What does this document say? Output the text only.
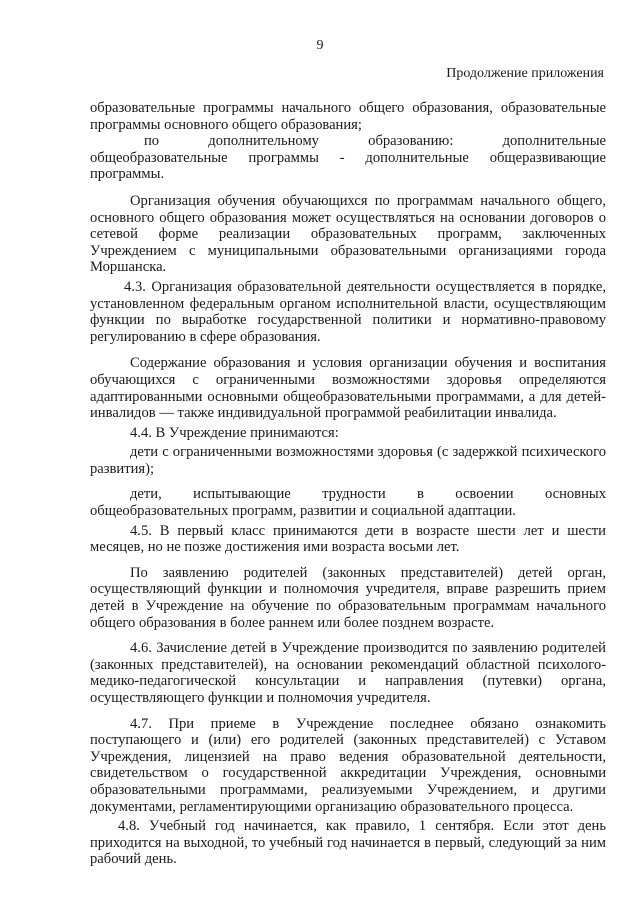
9
Продолжение приложения

образовательные программы начального общего образования, образовательные программы основного общего образования;

по дополнительному образованию: дополнительные общеобразовательные программы - дополнительные общеразвивающие программы.

Организация обучения обучающихся по программам начального общего, основного общего образования может осуществляться на основании договоров о сетевой форме реализации образовательных программ, заключенных Учреждением с муниципальными образовательными организациями города Моршанска.

4.3. Организация образовательной деятельности осуществляется в порядке, установленном федеральным органом исполнительной власти, осуществляющим функции по выработке государственной политики и нормативно-правовому регулированию в сфере образования.

Содержание образования и условия организации обучения и воспитания обучающихся с ограниченными возможностями здоровья определяются адаптированными основными общеобразовательными программами, а для детей-инвалидов — также индивидуальной программой реабилитации инвалида.

4.4. В Учреждение принимаются:

дети с ограниченными возможностями здоровья (с задержкой психического развития);

дети, испытывающие трудности в освоении основных общеобразовательных программ, развитии и социальной адаптации.

4.5. В первый класс принимаются дети в возрасте шести лет и шести месяцев, но не позже достижения ими возраста восьми лет.

По заявлению родителей (законных представителей) детей орган, осуществляющий функции и полномочия учредителя, вправе разрешить прием детей в Учреждение на обучение по образовательным программам начального общего образования в более раннем или более позднем возрасте.

4.6. Зачисление детей в Учреждение производится по заявлению родителей (законных представителей), на основании рекомендаций областной психолого-медико-педагогической консультации и направления (путевки) органа, осуществляющего функции и полномочия учредителя.

4.7. При приеме в Учреждение последнее обязано ознакомить поступающего и (или) его родителей (законных представителей) с Уставом Учреждения, лицензией на право ведения образовательной деятельности, свидетельством о государственной аккредитации Учреждения, основными образовательными программами, реализуемыми Учреждением, и другими документами, регламентирующими организацию образовательного процесса.

4.8. Учебный год начинается, как правило, 1 сентября. Если этот день приходится на выходной, то учебный год начинается в первый, следующий за ним рабочий день.
